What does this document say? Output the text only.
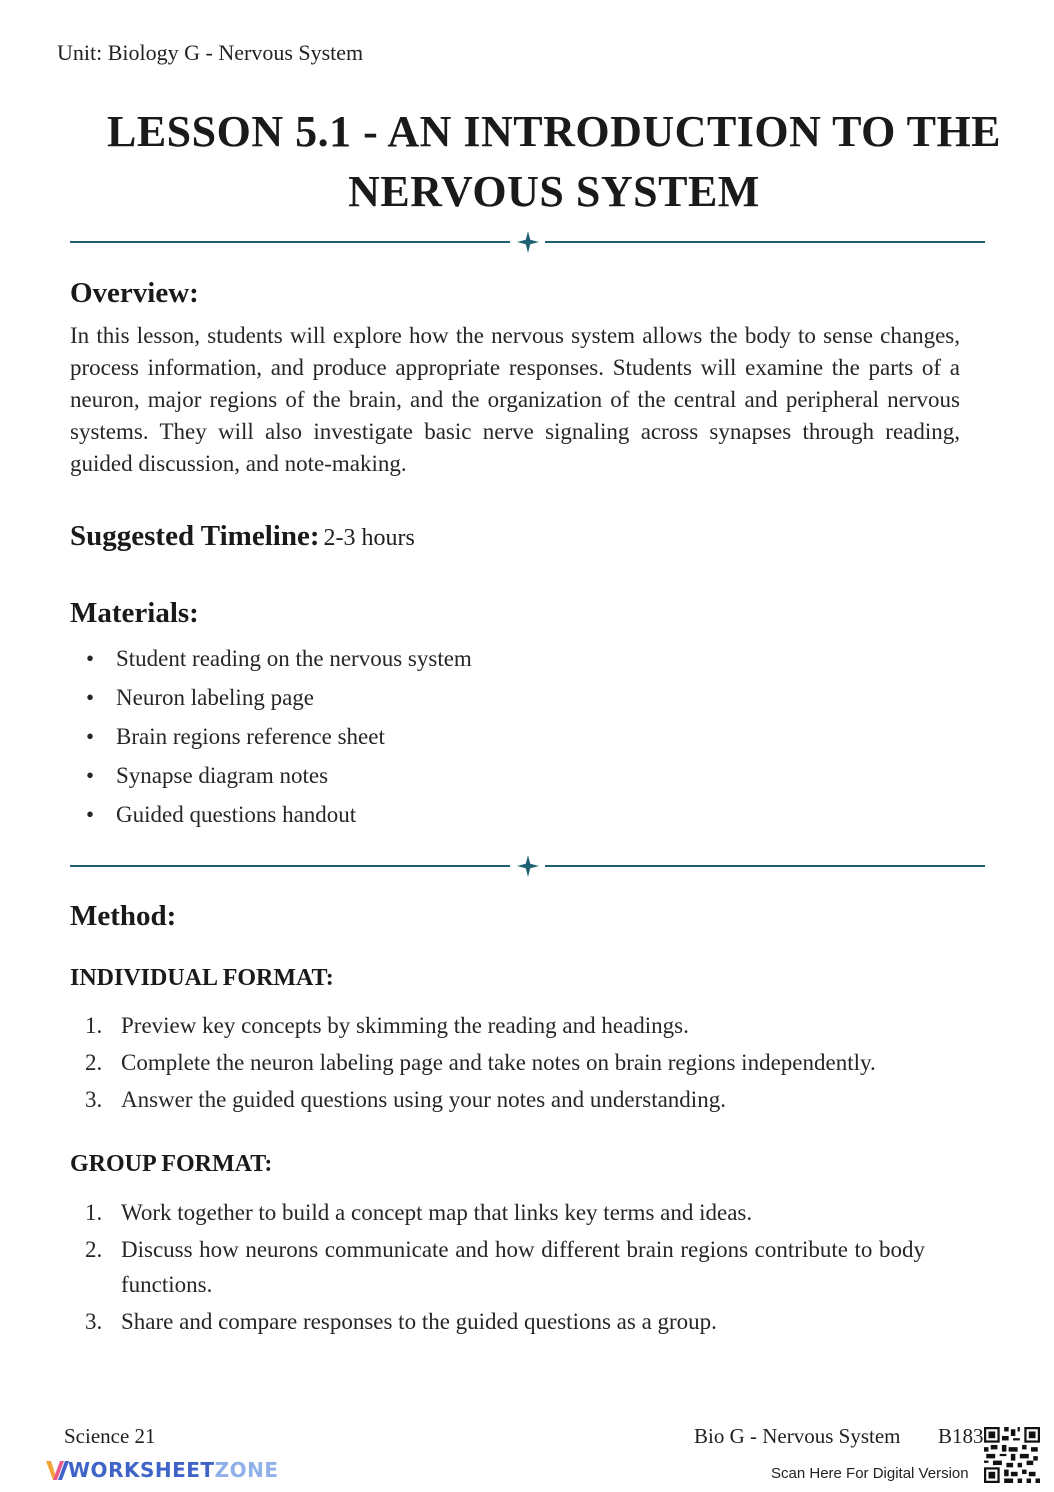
Unit: Biology G - Nervous System
LESSON 5.1 - AN INTRODUCTION TO THE NERVOUS SYSTEM
Overview:
In this lesson, students will explore how the nervous system allows the body to sense changes, process information, and produce appropriate responses. Students will examine the parts of a neuron, major regions of the brain, and the organization of the central and peripheral nervous systems. They will also investigate basic nerve signaling across synapses through reading, guided discussion, and note-making.
Suggested Timeline: 2-3 hours
Materials:
• Student reading on the nervous system
• Neuron labeling page
• Brain regions reference sheet
• Synapse diagram notes
• Guided questions handout
Method:
INDIVIDUAL FORMAT:
1. Preview key concepts by skimming the reading and headings.
2. Complete the neuron labeling page and take notes on brain regions independently.
3. Answer the guided questions using your notes and understanding.
GROUP FORMAT:
1. Work together to build a concept map that links key terms and ideas.
2. Discuss how neurons communicate and how different brain regions contribute to body functions.
3. Share and compare responses to the guided questions as a group.
Science 21	Bio G - Nervous System B183
WORKSHEETZONE	Scan Here For Digital Version
